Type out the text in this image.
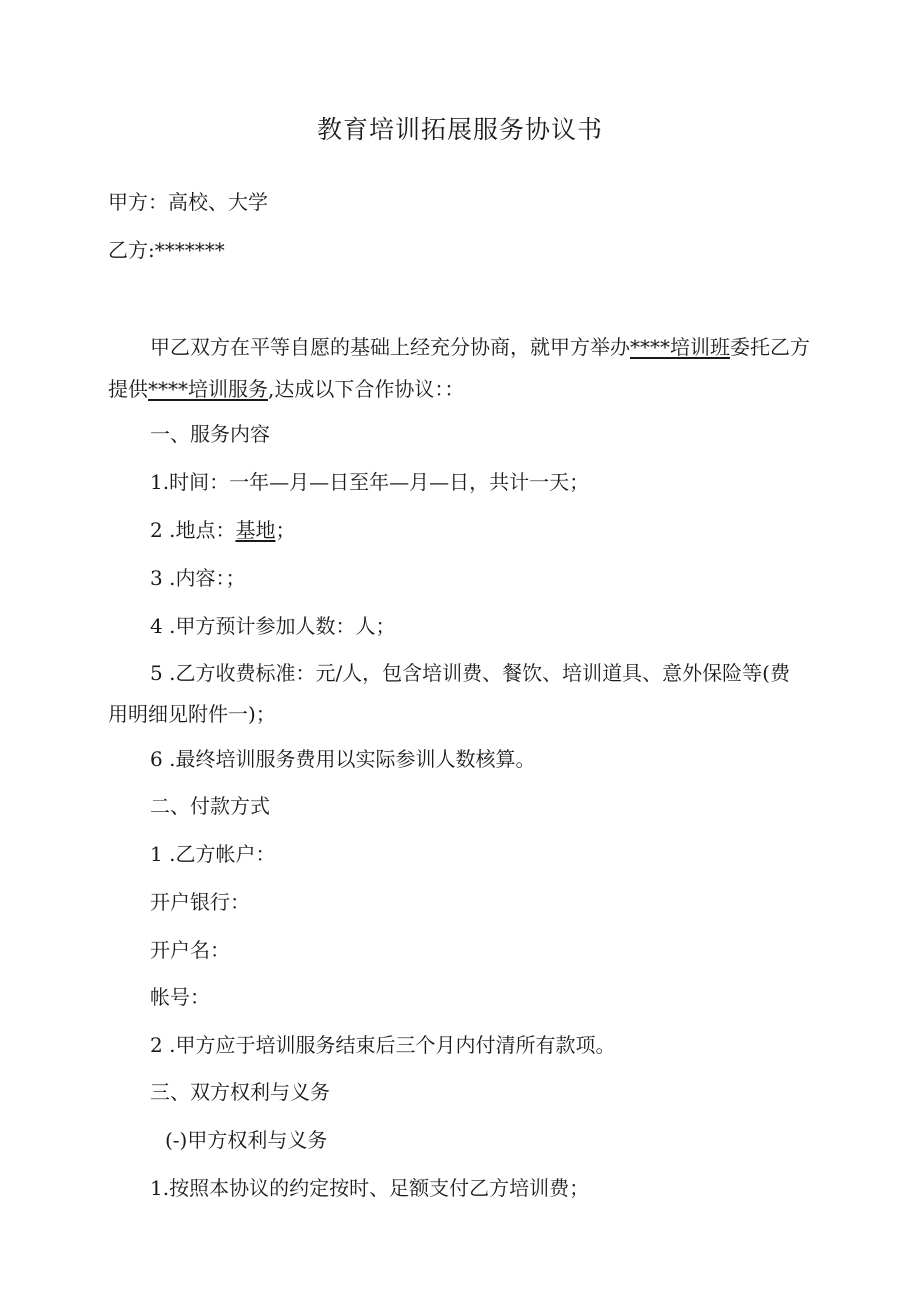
教育培训拓展服务协议书
甲方：高校、大学
乙方:*******
甲乙双方在平等自愿的基础上经充分协商，就甲方举办****培训班委托乙方
提供****培训服务,达成以下合作协议：：
一、服务内容
1.时间：一年—月—日至年—月—日，共计一天；
2 .地点：基地；
3 .内容：；
4 .甲方预计参加人数：人；
5 .乙方收费标准：元/人，包含培训费、餐饮、培训道具、意外保险等(费
用明细见附件一)；
6 .最终培训服务费用以实际参训人数核算。
二、付款方式
1 .乙方帐户：
开户银行：
开户名：
帐号：
2 .甲方应于培训服务结束后三个月内付清所有款项。
三、双方权利与义务
(-)甲方权利与义务
1.按照本协议的约定按时、足额支付乙方培训费；
